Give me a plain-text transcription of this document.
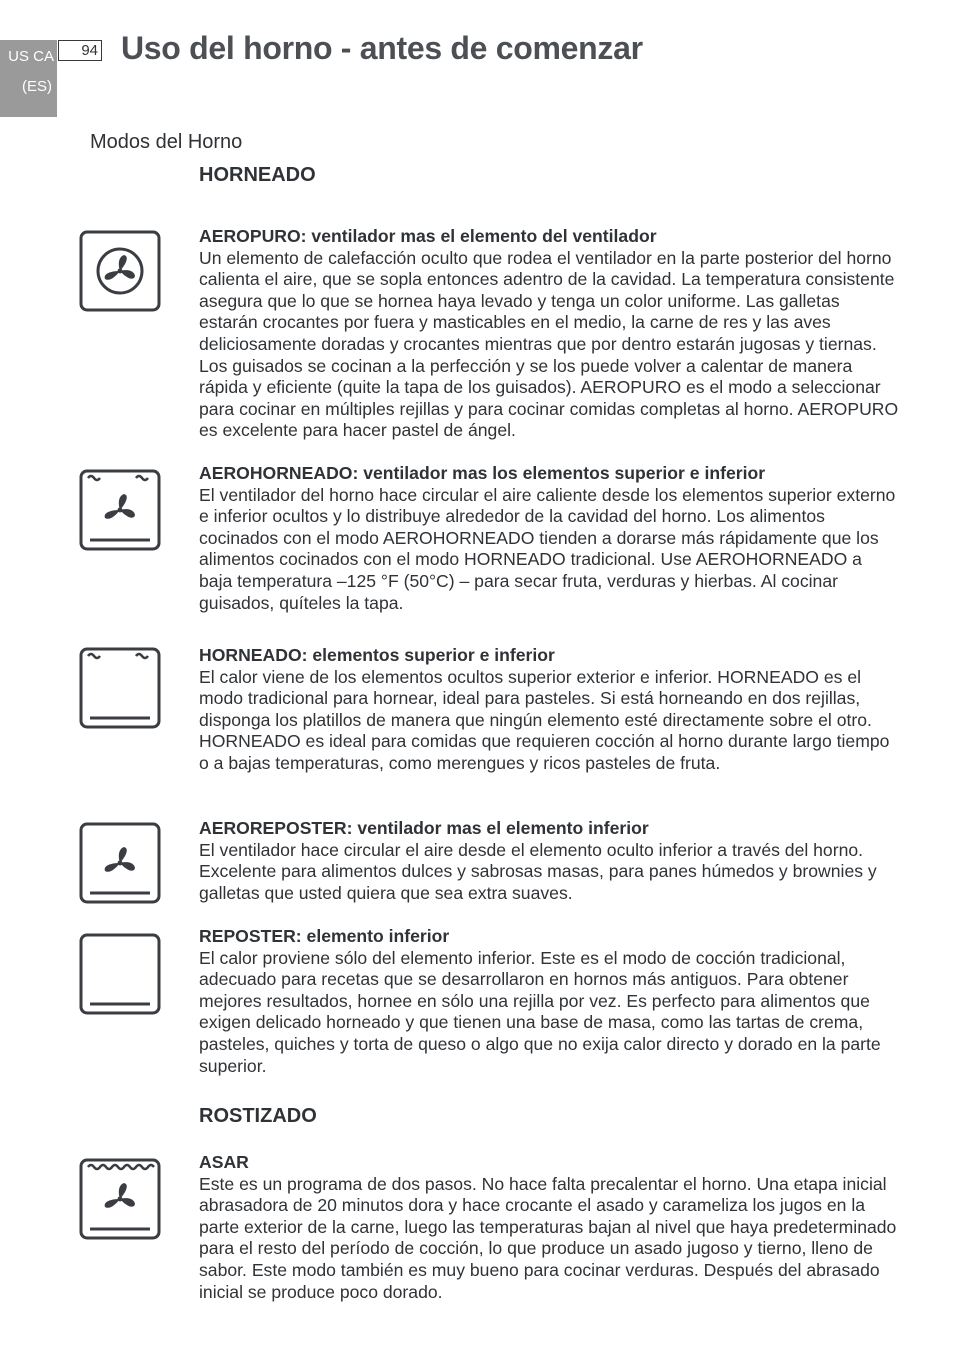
US CA
(ES)
94 Uso del horno - antes de comenzar
Modos del Horno
HORNEADO
AEROPURO: ventilador mas el elemento del ventilador
Un elemento de calefacción oculto que rodea el ventilador en la parte posterior del horno calienta el aire, que se sopla entonces adentro de la cavidad. La temperatura consistente asegura que lo que se hornea haya levado y tenga un color uniforme. Las galletas estarán crocantes por fuera y masticables en el medio, la carne de res y las aves deliciosamente doradas y crocantes mientras que por dentro estarán jugosas y tiernas. Los guisados se cocinan a la perfección y se los puede volver a calentar de manera rápida y eficiente (quite la tapa de los guisados). AEROPURO es el modo a seleccionar para cocinar en múltiples rejillas y para cocinar comidas completas al horno. AEROPURO es excelente para hacer pastel de ángel.
AEROHORNEADO: ventilador mas los elementos superior e inferior
El ventilador del horno hace circular el aire caliente desde los elementos superior externo e inferior ocultos y lo distribuye alrededor de la cavidad del horno. Los alimentos cocinados con el modo AEROHORNEADO tienden a dorarse más rápidamente que los alimentos cocinados con el modo HORNEADO tradicional. Use AEROHORNEADO a baja temperatura –125 °F (50°C) – para secar fruta, verduras y hierbas. Al cocinar guisados, quíteles la tapa.
HORNEADO: elementos superior e inferior
El calor viene de los elementos ocultos superior exterior e inferior. HORNEADO es el modo tradicional para hornear, ideal para pasteles. Si está horneando en dos rejillas, disponga los platillos de manera que ningún elemento esté directamente sobre el otro. HORNEADO es ideal para comidas que requieren cocción al horno durante largo tiempo o a bajas temperaturas, como merengues y ricos pasteles de fruta.
AEROREPOSTER: ventilador mas el elemento inferior
El ventilador hace circular el aire desde el elemento oculto inferior a través del horno. Excelente para alimentos dulces y sabrosas masas, para panes húmedos y brownies y galletas que usted quiera que sea extra suaves.
REPOSTER: elemento inferior
El calor proviene sólo del elemento inferior. Este es el modo de cocción tradicional, adecuado para recetas que se desarrollaron en hornos más antiguos. Para obtener mejores resultados, hornee en sólo una rejilla por vez. Es perfecto para alimentos que exigen delicado horneado y que tienen una base de masa, como las tartas de crema, pasteles, quiches y torta de queso o algo que no exija calor directo y dorado en la parte superior.
ROSTIZADO
ASAR
Este es un programa de dos pasos. No hace falta precalentar el horno. Una etapa inicial abrasadora de 20 minutos dora y hace crocante el asado y carameliza los jugos en la parte exterior de la carne, luego las temperaturas bajan al nivel que haya predeterminado para el resto del período de cocción, lo que produce un asado jugoso y tierno, lleno de sabor. Este modo también es muy bueno para cocinar verduras. Después del abrasado inicial se produce poco dorado.
